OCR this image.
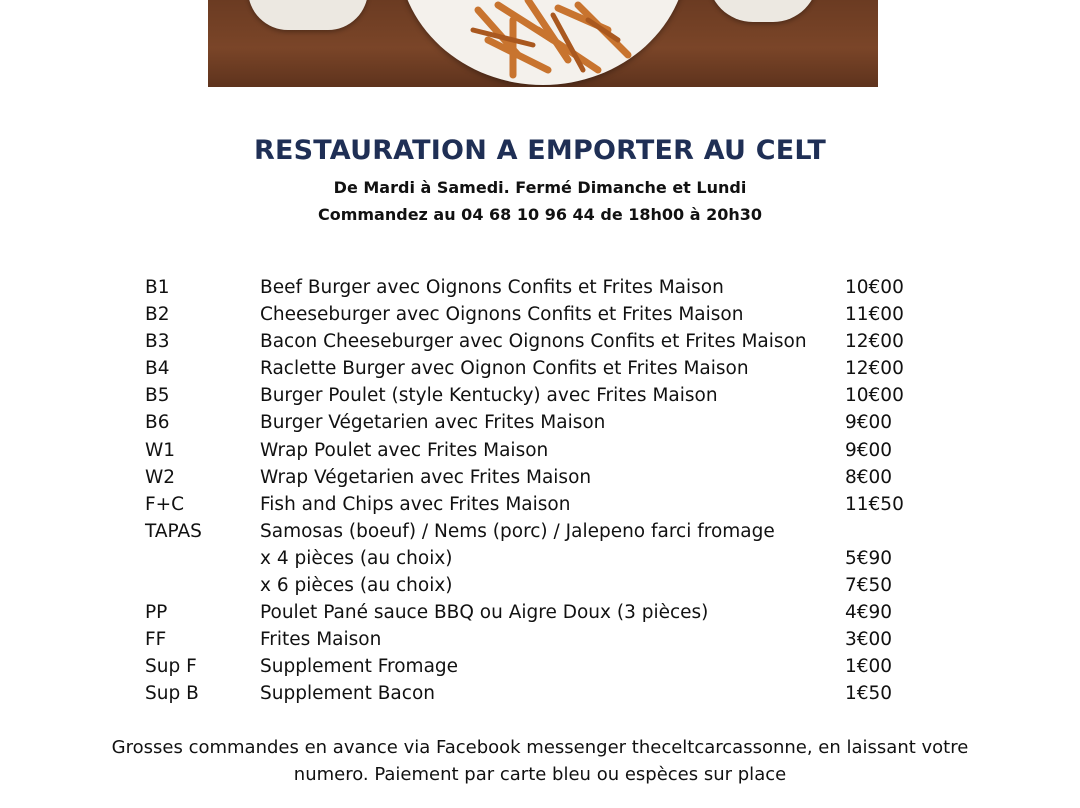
RESTAURATION A EMPORTER AU CELT
De Mardi à Samedi. Fermé Dimanche et Lundi
Commandez au 04 68 10 96 44 de 18h00 à 20h30
B1	Beef Burger avec Oignons Confits et Frites Maison	10€00
B2	Cheeseburger avec Oignons Confits et Frites Maison	11€00
B3	Bacon Cheeseburger avec Oignons Confits et Frites Maison 12€00
B4	Raclette Burger avec Oignon Confits et Frites Maison	12€00
B5	Burger Poulet (style Kentucky) avec Frites Maison	10€00
B6	Burger Végetarien avec Frites Maison	9€00
W1	Wrap Poulet avec Frites Maison	9€00
W2	Wrap Végetarien avec Frites Maison	8€00
F+C	Fish and Chips avec Frites Maison	11€50
TAPAS	Samosas (boeuf) / Nems (porc) / Jalepeno farci fromage
x 4 pièces (au choix)	5€90
x 6 pièces (au choix)	7€50
PP	Poulet Pané sauce BBQ ou Aigre Doux (3 pièces)	4€90
FF	Frites Maison	3€00
Sup F	Supplement Fromage	1€00
Sup B	Supplement Bacon	1€50
Grosses commandes en avance via Facebook messenger theceltcarcassonne, en laissant votre
numero. Paiement par carte bleu ou espèces sur place
